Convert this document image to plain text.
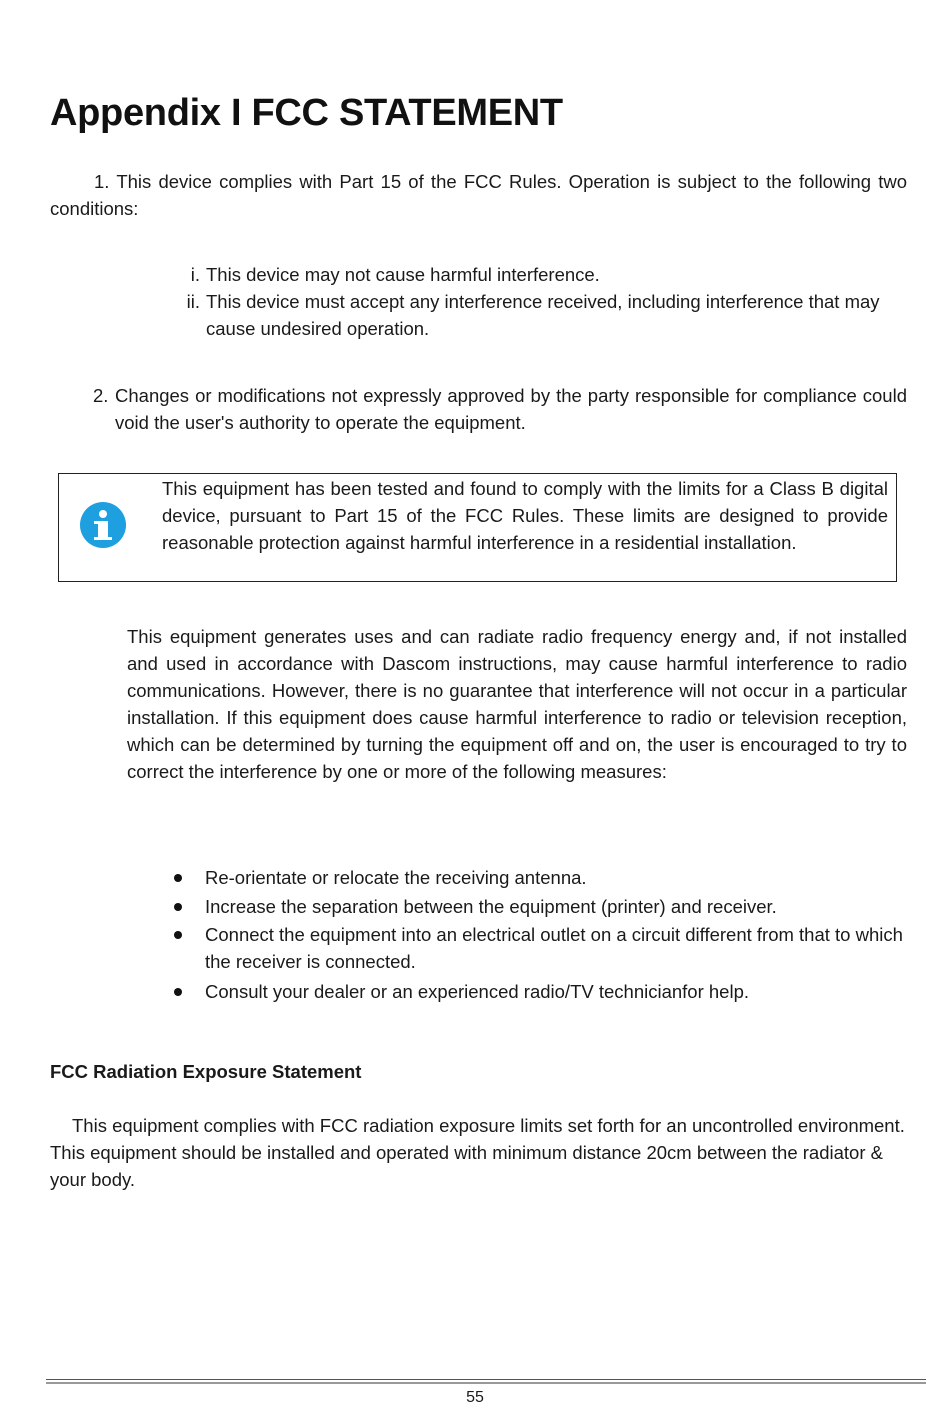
Appendix I FCC STATEMENT
1. This device complies with Part 15 of the FCC Rules. Operation is subject to the following two conditions:
i. This device may not cause harmful interference.
ii. This device must accept any interference received, including interference that may cause undesired operation.
2. Changes or modifications not expressly approved by the party responsible for compliance could void the user's authority to operate the equipment.
This equipment has been tested and found to comply with the limits for a Class B digital device, pursuant to Part 15 of the FCC Rules. These limits are designed to provide reasonable protection against harmful interference in a residential installation.
This equipment generates uses and can radiate radio frequency energy and, if not installed and used in accordance with Dascom instructions, may cause harmful interference to radio communications. However, there is no guarantee that interference will not occur in a particular installation. If this equipment does cause harmful interference to radio or television reception, which can be determined by turning the equipment off and on, the user is encouraged to try to correct the interference by one or more of the following measures:
Re-orientate or relocate the receiving antenna.
Increase the separation between the equipment (printer) and receiver.
Connect the equipment into an electrical outlet on a circuit different from that to which the receiver is connected.
Consult your dealer or an experienced radio/TV technicianfor help.
FCC Radiation Exposure Statement
This equipment complies with FCC radiation exposure limits set forth for an uncontrolled environment. This equipment should be installed and operated with minimum distance 20cm between the radiator & your body.
55
